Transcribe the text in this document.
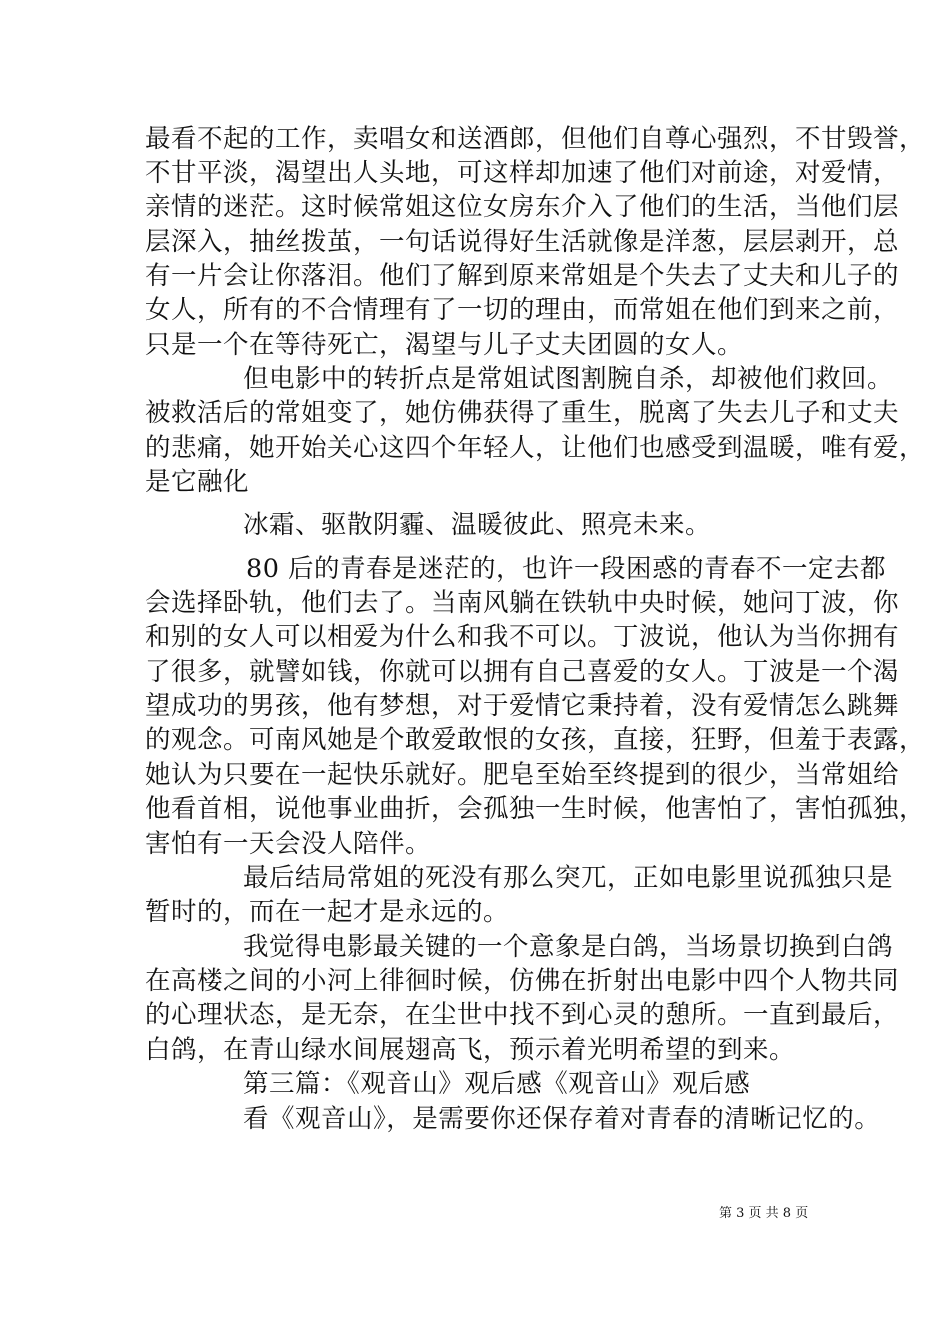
最看不起的工作，卖唱女和送酒郎，但他们自尊心强烈，不甘毁誉，
不甘平淡，渴望出人头地，可这样却加速了他们对前途，对爱情，
亲情的迷茫。这时候常姐这位女房东介入了他们的生活，当他们层
层深入，抽丝拨茧，一句话说得好生活就像是洋葱，层层剥开，总
有一片会让你落泪。他们了解到原来常姐是个失去了丈夫和儿子的
女人，所有的不合情理有了一切的理由，而常姐在他们到来之前，
只是一个在等待死亡，渴望与儿子丈夫团圆的女人。
但电影中的转折点是常姐试图割腕自杀，却被他们救回。
被救活后的常姐变了，她仿佛获得了重生，脱离了失去儿子和丈夫
的悲痛，她开始关心这四个年轻人，让他们也感受到温暖，唯有爱，
是它融化
冰霜、驱散阴霾、温暖彼此、照亮未来。
80 后的青春是迷茫的，也许一段困惑的青春不一定去都
会选择卧轨，他们去了。当南风躺在铁轨中央时候，她问丁波，你
和别的女人可以相爱为什么和我不可以。丁波说，他认为当你拥有
了很多，就譬如钱，你就可以拥有自己喜爱的女人。丁波是一个渴
望成功的男孩，他有梦想，对于爱情它秉持着，没有爱情怎么跳舞
的观念。可南风她是个敢爱敢恨的女孩，直接，狂野，但羞于表露，
她认为只要在一起快乐就好。肥皂至始至终提到的很少，当常姐给
他看首相，说他事业曲折，会孤独一生时候，他害怕了，害怕孤独，
害怕有一天会没人陪伴。
最后结局常姐的死没有那么突兀，正如电影里说孤独只是
暂时的，而在一起才是永远的。
我觉得电影最关键的一个意象是白鸽，当场景切换到白鸽
在高楼之间的小河上徘徊时候，仿佛在折射出电影中四个人物共同
的心理状态，是无奈，在尘世中找不到心灵的憩所。一直到最后，
白鸽，在青山绿水间展翅高飞，预示着光明希望的到来。
第三篇：《观音山》观后感《观音山》观后感
看《观音山》，是需要你还保存着对青春的清晰记忆的。
第 3 页 共 8 页
